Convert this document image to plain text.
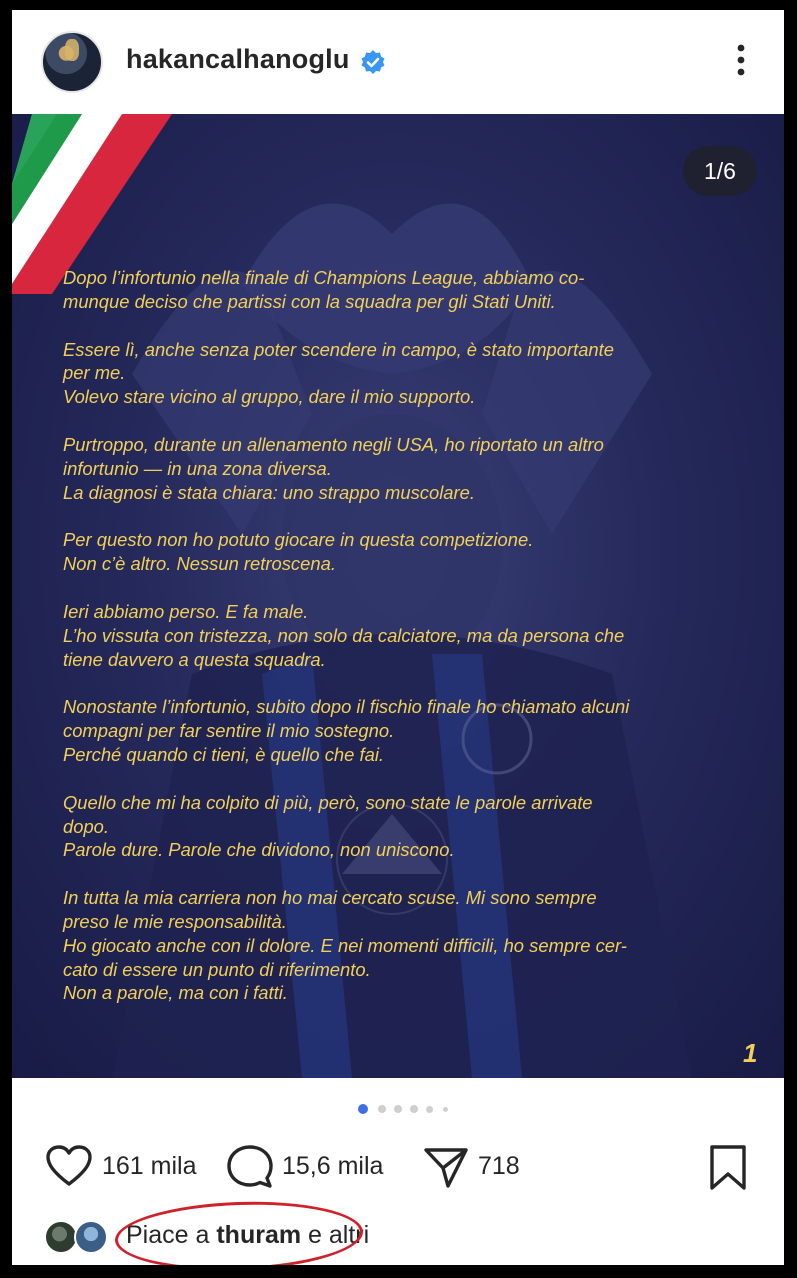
hakancalhanoglu
1/6

Dopo l’infortunio nella finale di Champions League, abbiamo co-
munque deciso che partissi con la squadra per gli Stati Uniti.

Essere lì, anche senza poter scendere in campo, è stato importante
per me.
Volevo stare vicino al gruppo, dare il mio supporto.

Purtroppo, durante un allenamento negli USA, ho riportato un altro
infortunio — in una zona diversa.
La diagnosi è stata chiara: uno strappo muscolare.

Per questo non ho potuto giocare in questa competizione.
Non c’è altro. Nessun retroscena.

Ieri abbiamo perso. E fa male.
L’ho vissuta con tristezza, non solo da calciatore, ma da persona che
tiene davvero a questa squadra.

Nonostante l’infortunio, subito dopo il fischio finale ho chiamato alcuni
compagni per far sentire il mio sostegno.
Perché quando ci tieni, è quello che fai.

Quello che mi ha colpito di più, però, sono state le parole arrivate
dopo.
Parole dure. Parole che dividono, non uniscono.

In tutta la mia carriera non ho mai cercato scuse. Mi sono sempre
preso le mie responsabilità.
Ho giocato anche con il dolore. E nei momenti difficili, ho sempre cer-
cato di essere un punto di riferimento.
Non a parole, ma con i fatti.

1
161 mila	15,6 mila	718
Piace a thuram e altri
